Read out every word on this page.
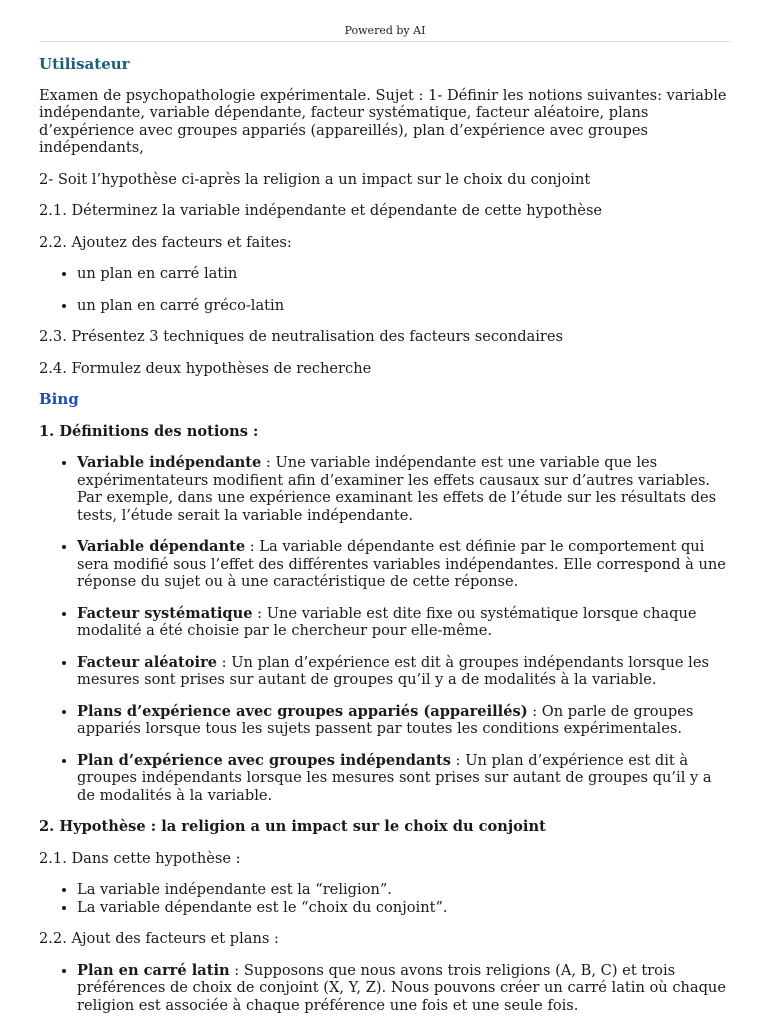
Powered by AI
Utilisateur

Examen de psychopathologie expérimentale. Sujet : 1- Définir les notions suivantes: variable indépendante, variable dépendante, facteur systématique, facteur aléatoire, plans d’expérience avec groupes appariés (appareillés), plan d’expérience avec groupes indépendants,

2- Soit l’hypothèse ci-après la religion a un impact sur le choix du conjoint

2.1. Déterminez la variable indépendante et dépendante de cette hypothèse

2.2. Ajoutez des facteurs et faites:

• un plan en carré latin
• un plan en carré gréco-latin

2.3. Présentez 3 techniques de neutralisation des facteurs secondaires

2.4. Formulez deux hypothèses de recherche

Bing

1. Définitions des notions :

• Variable indépendante : Une variable indépendante est une variable que les expérimentateurs modifient afin d’examiner les effets causaux sur d’autres variables. Par exemple, dans une expérience examinant les effets de l’étude sur les résultats des tests, l’étude serait la variable indépendante.
• Variable dépendante : La variable dépendante est définie par le comportement qui sera modifié sous l’effet des différentes variables indépendantes. Elle correspond à une réponse du sujet ou à une caractéristique de cette réponse.
• Facteur systématique : Une variable est dite fixe ou systématique lorsque chaque modalité a été choisie par le chercheur pour elle-même.
• Facteur aléatoire : Un plan d’expérience est dit à groupes indépendants lorsque les mesures sont prises sur autant de groupes qu’il y a de modalités à la variable.
• Plans d’expérience avec groupes appariés (appareillés) : On parle de groupes appariés lorsque tous les sujets passent par toutes les conditions expérimentales.
• Plan d’expérience avec groupes indépendants : Un plan d’expérience est dit à groupes indépendants lorsque les mesures sont prises sur autant de groupes qu’il y a de modalités à la variable.

2. Hypothèse : la religion a un impact sur le choix du conjoint

2.1. Dans cette hypothèse :

• La variable indépendante est la “religion”.
• La variable dépendante est le “choix du conjoint”.

2.2. Ajout des facteurs et plans :

• Plan en carré latin : Supposons que nous avons trois religions (A, B, C) et trois préférences de choix de conjoint (X, Y, Z). Nous pouvons créer un carré latin où chaque religion est associée à chaque préférence une fois et une seule fois.
